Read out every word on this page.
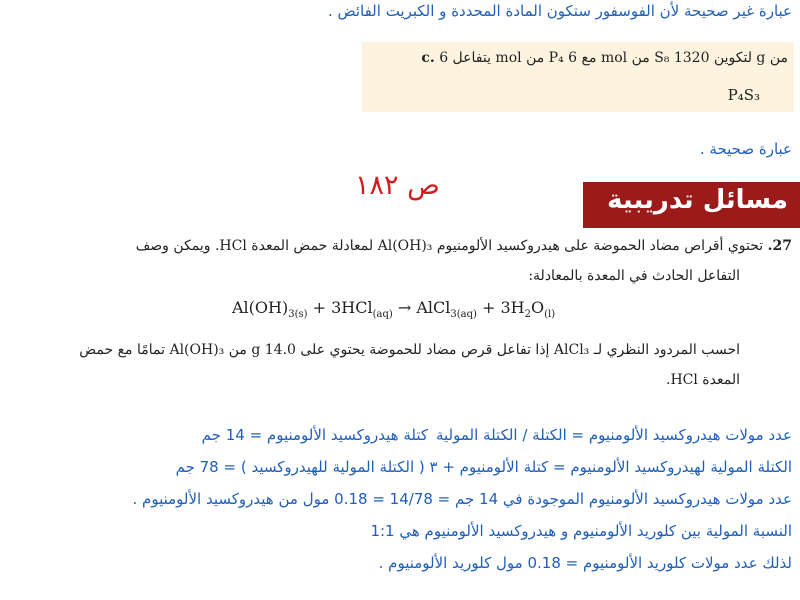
عبارة غير صحيحة لأن الفوسفور ستكون المادة المحددة و الكبريت الفائض .
c. يتفاعل 6 mol من P₄ مع 6 mol من S₈ لتكوين 1320 g من
P₄S₃
عبارة صحيحة .
ص ١٨٢	مسائل تدريبية
27. تحتوي أقراص مضاد الحموضة على هيدروكسيد الألومنيوم Al(OH)₃ لمعادلة حمض المعدة HCl. ويمكن وصف
التفاعل الحادث في المعدة بالمعادلة:
$Al(OH)_{3(s)} + 3HCl_{(aq)}$ → AlCl$_{3(aq)}$ + $3H_2O_{(l)}$
احسب المردود النظري لـ AlCl₃ إذا تفاعل قرص مضاد للحموضة يحتوي على 14.0 g من Al(OH)₃ تمامًا مع حمض
المعدة HCl.
عدد مولات هيدروكسيد الألومنيوم = الكتلة / الكتلة المولية
كتلة هيدروكسيد الألومنيوم = 14 جم
الكتلة المولية لهيدروكسيد الألومنيوم = كتلة الألومنيوم + ٣ ( الكتلة المولية للهيدروكسيد ) = 78 جم
عدد مولات هيدروكسيد الألومنيوم الموجودة في 14 جم = 14/78 = 0.18 مول من هيدروكسيد الألومنيوم .
النسبة المولية بين كلوريد الألومنيوم و هيدروكسيد الألومنيوم هي 1:1
لذلك عدد مولات كلوريد الألومنيوم = 0.18 مول كلوريد الألومنيوم .
